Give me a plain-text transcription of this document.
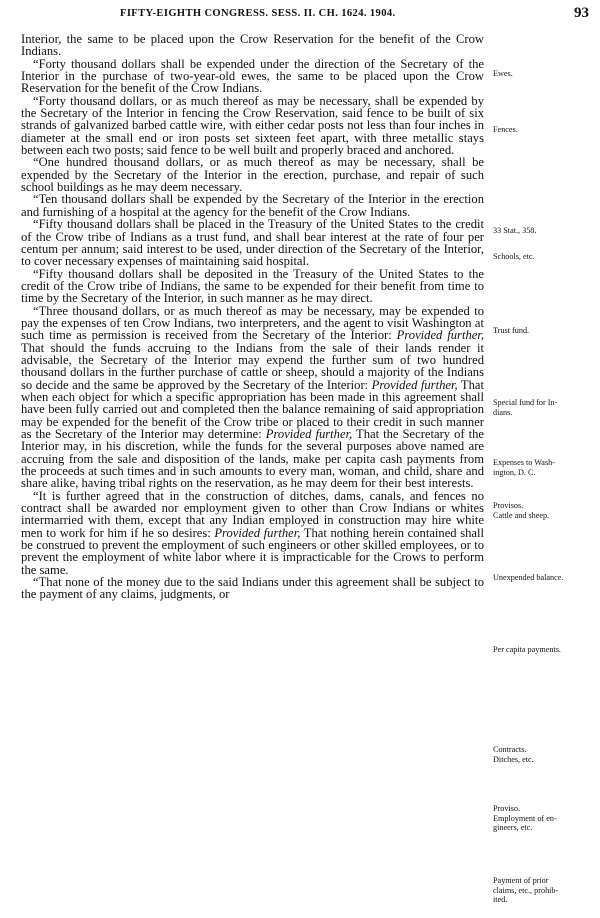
FIFTY-EIGHTH CONGRESS. SESS. II. CH. 1624. 1904.	93

Interior, the same to be placed upon the Crow Reservation for the benefit of the Crow Indians.

“Forty thousand dollars shall be expended under the direction of the Secretary of the Interior in the purchase of two-year-old ewes, the same to be placed upon the Crow Reservation for the benefit of the Crow Indians.

“Forty thousand dollars, or as much thereof as may be necessary, shall be expended by the Secretary of the Interior in fencing the Crow Reservation, said fence to be built of six strands of galvanized barbed cattle wire, with either cedar posts not less than four inches in diameter at the small end or iron posts set sixteen feet apart, with three metallic stays between each two posts; said fence to be well built and properly braced and anchored.

“One hundred thousand dollars, or as much thereof as may be necessary, shall be expended by the Secretary of the Interior in the erection, purchase, and repair of such school buildings as he may deem necessary.

“Ten thousand dollars shall be expended by the Secretary of the Interior in the erection and furnishing of a hospital at the agency for the benefit of the Crow Indians.

“Fifty thousand dollars shall be placed in the Treasury of the United States to the credit of the Crow tribe of Indians as a trust fund, and shall bear interest at the rate of four per centum per annum; said interest to be used, under direction of the Secretary of the Interior, to cover necessary expenses of maintaining said hospital.

“Fifty thousand dollars shall be deposited in the Treasury of the United States to the credit of the Crow tribe of Indians, the same to be expended for their benefit from time to time by the Secretary of the Interior, in such manner as he may direct.

“Three thousand dollars, or as much thereof as may be necessary, may be expended to pay the expenses of ten Crow Indians, two interpreters, and the agent to visit Washington at such time as permission is received from the Secretary of the Interior: Provided further, That should the funds accruing to the Indians from the sale of their lands render it advisable, the Secretary of the Interior may expend the further sum of two hundred thousand dollars in the further purchase of cattle or sheep, should a majority of the Indians so decide and the same be approved by the Secretary of the Interior: Provided further, That when each object for which a specific appropriation has been made in this agreement shall have been fully carried out and completed then the balance remaining of said appropriation may be expended for the benefit of the Crow tribe or placed to their credit in such manner as the Secretary of the Interior may determine: Provided further, That the Secretary of the Interior may, in his discretion, while the funds for the several purposes above named are accruing from the sale and disposition of the lands, make per capita cash payments from the proceeds at such times and in such amounts to every man, woman, and child, share and share alike, having tribal rights on the reservation, as he may deem for their best interests.

“It is further agreed that in the construction of ditches, dams, canals, and fences no contract shall be awarded nor employment given to other than Crow Indians or whites intermarried with them, except that any Indian employed in construction may hire white men to work for him if he so desires: Provided further, That nothing herein contained shall be construed to prevent the employment of such engineers or other skilled employees, or to prevent the employment of white labor where it is impracticable for the Crows to perform the same.

“That none of the money due to the said Indians under this agreement shall be subject to the payment of any claims, judgments, or

Ewes.
Fences.
33 Stat., 358.
Schools, etc.
Trust fund.
Special fund for In-
dians.
Expenses to Wash-
ington, D. C.
Provisos.
Cattle and sheep.
Unexpended balance.
Per capita payments.
Contracts.
Ditches, etc.
Proviso.
Employment of en-
gineers, etc.
Payment of prior
claims, etc., prohib-
ited.
